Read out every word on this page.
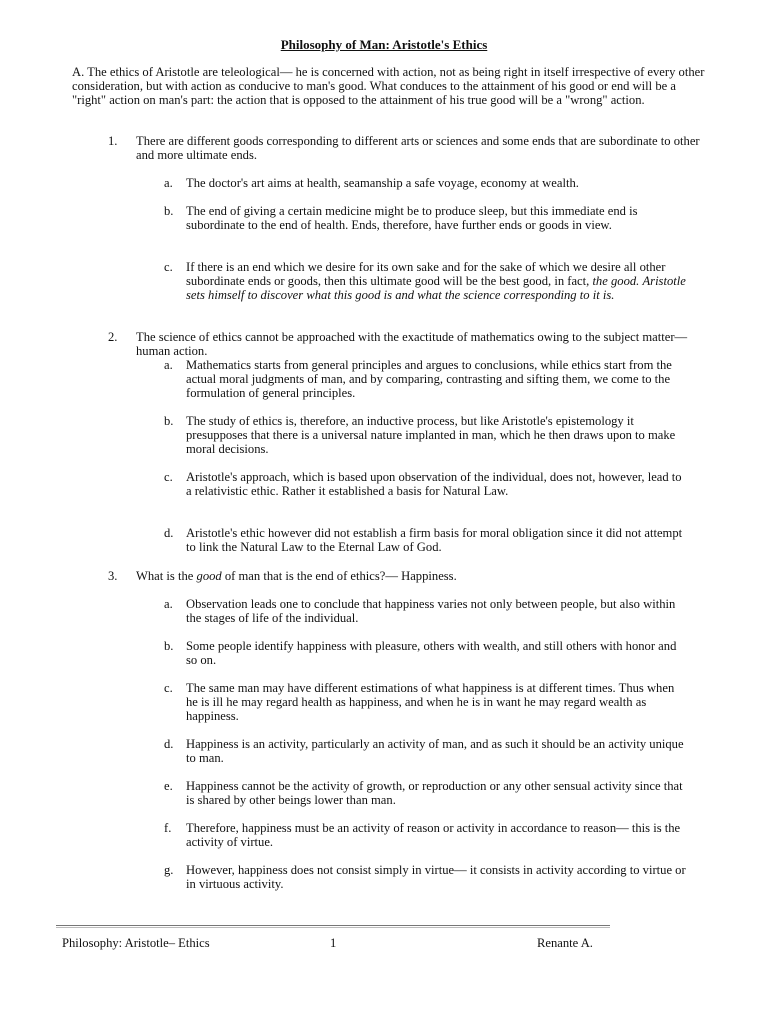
Philosophy of Man: Aristotle's Ethics
A. The ethics of Aristotle are teleological— he is concerned with action, not as being right in itself irrespective of every other consideration, but with action as conducive to man's good. What conduces to the attainment of his good or end will be a "right" action on man's part: the action that is opposed to the attainment of his true good will be a "wrong" action.
1.	There are different goods corresponding to different arts or sciences and some ends that are subordinate to other and more ultimate ends.
a.	The doctor's art aims at health, seamanship a safe voyage, economy at wealth.
b. The end of giving a certain medicine might be to produce sleep, but this immediate end is subordinate to the end of health. Ends, therefore, have further ends or goods in view.
c.	If there is an end which we desire for its own sake and for the sake of which we desire all other subordinate ends or goods, then this ultimate good will be the best good, in fact, the good. Aristotle sets himself to discover what this good is and what the science corresponding to it is.
2.	The science of ethics cannot be approached with the exactitude of mathematics owing to the subject matter— human action.
a.	Mathematics starts from general principles and argues to conclusions, while ethics start from the actual moral judgments of man, and by comparing, contrasting and sifting them, we come to the formulation of general principles.
b. The study of ethics is, therefore, an inductive process, but like Aristotle's epistemology it presupposes that there is a universal nature implanted in man, which he then draws upon to make moral decisions.
c.	Aristotle's approach, which is based upon observation of the individual, does not, however, lead to a relativistic ethic. Rather it established a basis for Natural Law.
d. Aristotle's ethic however did not establish a firm basis for moral obligation since it did not attempt to link the Natural Law to the Eternal Law of God.
3.	What is the good of man that is the end of ethics?— Happiness.
a.	Observation leads one to conclude that happiness varies not only between people, but also within the stages of life of the individual.
b. Some people identify happiness with pleasure, others with wealth, and still others with honor and so on.
c.	The same man may have different estimations of what happiness is at different times. Thus when he is ill he may regard health as happiness, and when he is in want he may regard wealth as happiness.
d. Happiness is an activity, particularly an activity of man, and as such it should be an activity unique to man.
e.	Happiness cannot be the activity of growth, or reproduction or any other sensual activity since that is shared by other beings lower than man.
f.	Therefore, happiness must be an activity of reason or activity in accordance to reason— this is the activity of virtue.
g. However, happiness does not consist simply in virtue— it consists in activity according to virtue or in virtuous activity.
Philosophy: Aristotle– Ethics	1	Renante A.
